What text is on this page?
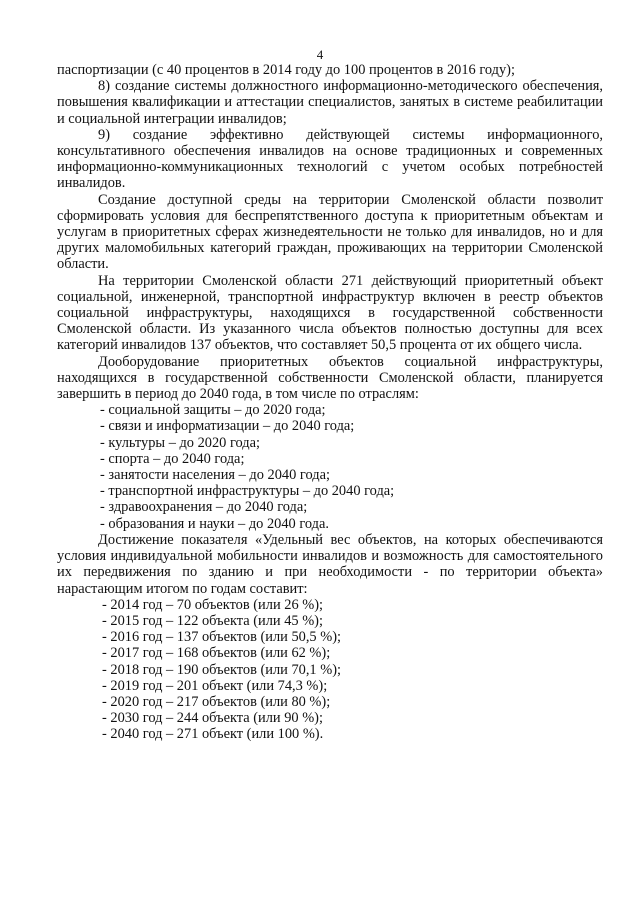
4

паспортизации (с 40 процентов в 2014 году до 100 процентов в 2016 году);

8) создание системы должностного информационно-методического обеспечения, повышения квалификации и аттестации специалистов, занятых в системе реабилитации и социальной интеграции инвалидов;

9) создание эффективно действующей системы информационного, консультативного обеспечения инвалидов на основе традиционных и современных информационно-коммуникационных технологий с учетом особых потребностей инвалидов.

Создание доступной среды на территории Смоленской области позволит сформировать условия для беспрепятственного доступа к приоритетным объектам и услугам в приоритетных сферах жизнедеятельности не только для инвалидов, но и для других маломобильных категорий граждан, проживающих на территории Смоленской области.

На территории Смоленской области 271 действующий приоритетный объект социальной, инженерной, транспортной инфраструктур включен в реестр объектов социальной инфраструктуры, находящихся в государственной собственности Смоленской области. Из указанного числа объектов полностью доступны для всех категорий инвалидов 137 объектов, что составляет 50,5 процента от их общего числа.

Дооборудование приоритетных объектов социальной инфраструктуры, находящихся в государственной собственности Смоленской области, планируется завершить в период до 2040 года, в том числе по отраслям:

- социальной защиты – до 2020 года;

- связи и информатизации – до 2040 года;

- культуры – до 2020 года;

- спорта – до 2040 года;

- занятости населения – до 2040 года;

- транспортной инфраструктуры – до 2040 года;

- здравоохранения – до 2040 года;

- образования и науки – до 2040 года.

Достижение показателя «Удельный вес объектов, на которых обеспечиваются условия индивидуальной мобильности инвалидов и возможность для самостоятельного их передвижения по зданию и при необходимости - по территории объекта» нарастающим итогом по годам составит:

- 2014 год – 70 объектов (или 26 %);

- 2015 год – 122 объекта (или 45 %);

- 2016 год – 137 объектов (или 50,5 %);

- 2017 год – 168 объектов (или 62 %);

- 2018 год – 190 объектов (или 70,1 %);

- 2019 год – 201 объект (или 74,3 %);

- 2020 год – 217 объектов (или 80 %);

- 2030 год – 244 объекта (или 90 %);

- 2040 год – 271 объект (или 100 %).
